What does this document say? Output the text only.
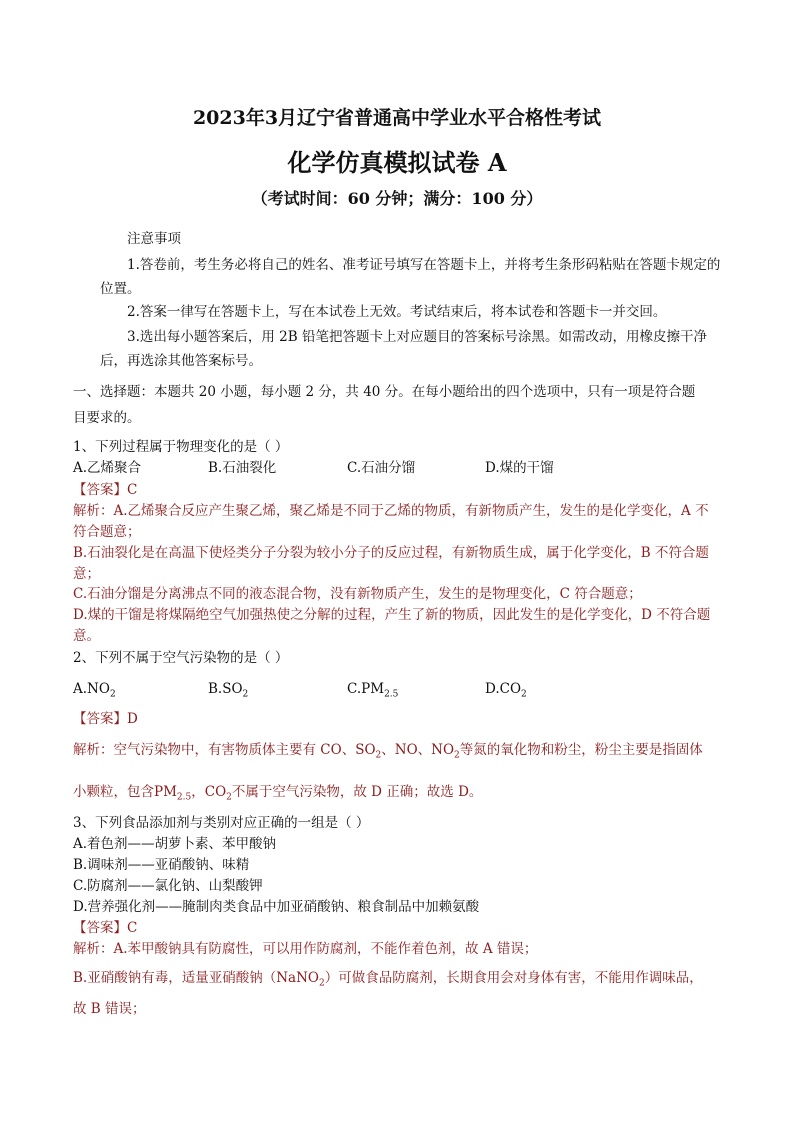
2023年3月辽宁省普通高中学业水平合格性考试
化学仿真模拟试卷 A
（考试时间：60 分钟；满分：100 分）
注意事项
1.答卷前，考生务必将自己的姓名、准考证号填写在答题卡上，并将考生条形码粘贴在答题卡规定的
位置。
2.答案一律写在答题卡上，写在本试卷上无效。考试结束后，将本试卷和答题卡一并交回。
3.选出每小题答案后，用 2B 铅笔把答题卡上对应题目的答案标号涂黑。如需改动，用橡皮擦干净
后，再选涂其他答案标号。
一、选择题：本题共 20 小题，每小题 2 分，共 40 分。在每小题给出的四个选项中，只有一项是符合题
目要求的。
1、下列过程属于物理变化的是（ ）
A.乙烯聚合	B.石油裂化	C.石油分馏	D.煤的干馏
【答案】C
解析：A.乙烯聚合反应产生聚乙烯，聚乙烯是不同于乙烯的物质，有新物质产生，发生的是化学变化，A 不
符合题意；
B.石油裂化是在高温下使烃类分子分裂为较小分子的反应过程，有新物质生成，属于化学变化，B 不符合题
意；
C.石油分馏是分离沸点不同的液态混合物，没有新物质产生，发生的是物理变化，C 符合题意；
D.煤的干馏是将煤隔绝空气加强热使之分解的过程，产生了新的物质，因此发生的是化学变化，D 不符合题
意。
2、下列不属于空气污染物的是（ ）
$A.NO_2$	$B.SO_2$	$C.PM_{2.5}$	$D.CO_2$
【答案】D
解析：空气污染物中，有害物质体主要有 CO、$SO_2$、NO、$NO_2$等氮的氧化物和粉尘，粉尘主要是指固体
小颗粒，包含$PM_{2.5}$，$CO_2$不属于空气污染物，故 D 正确；故选 D。
3、下列食品添加剂与类别对应正确的一组是（ ）
A.着色剂——胡萝卜素、苯甲酸钠
B.调味剂——亚硝酸钠、味精
C.防腐剂——氯化钠、山梨酸钾
D.营养强化剂——腌制肉类食品中加亚硝酸钠、粮食制品中加赖氨酸
【答案】C
解析：A.苯甲酸钠具有防腐性，可以用作防腐剂，不能作着色剂，故 A 错误；
B.亚硝酸钠有毒，适量亚硝酸钠（NaNO$_2$）可做食品防腐剂，长期食用会对身体有害，不能用作调味品，
故 B 错误；
